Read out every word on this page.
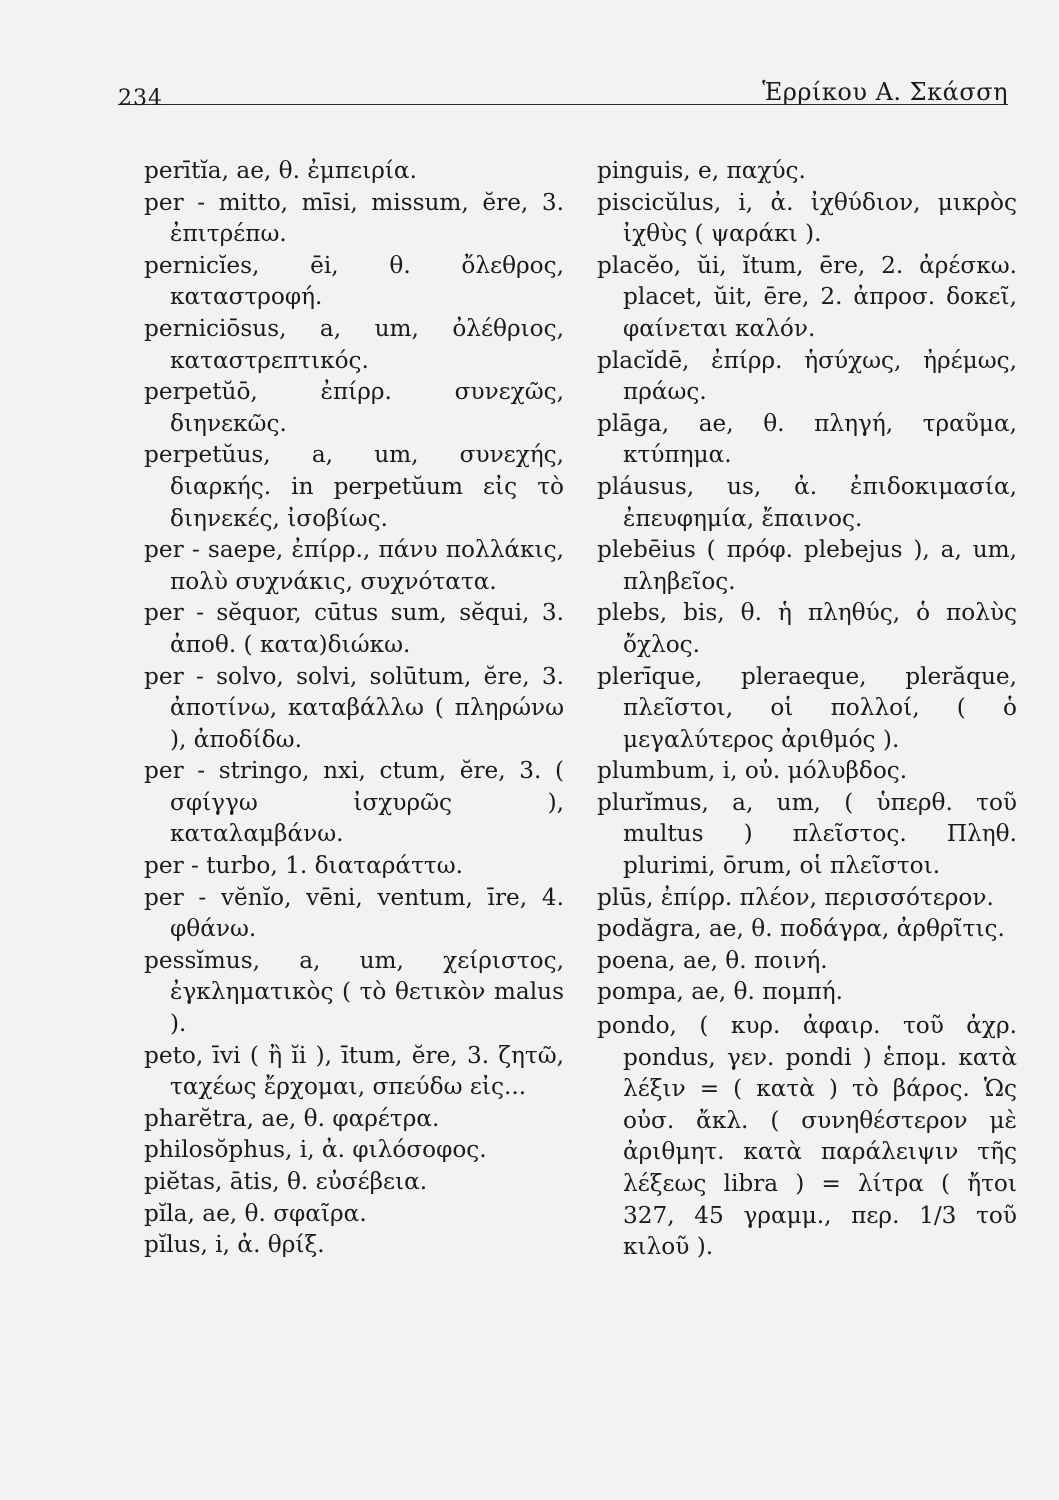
234	Ἑρρίκου Α. Σκάσση

perītĭa, ae, θ. ἐμπειρία.

per - mitto, mīsi, missum, ĕre, 3. ἐπιτρέπω.

pernicĭes, ēi, θ. ὄλεθρος, καταστροφή.

perniciōsus, a, um, ὀλέθριος, καταστρεπτικός.

perpetŭō, ἐπίρρ. συνεχῶς, διηνεκῶς.

perpetŭus, a, um, συνεχής, διαρκής. in perpetŭum εἰς τὸ διηνεκές, ἰσοβίως.

per - saepe, ἐπίρρ., πάνυ πολλάκις, πολὺ συχνάκις, συχνότατα.

per - sĕquor, cūtus sum, sĕqui, 3. ἀποθ. ( κατα)διώκω.

per - solvo, solvi, solūtum, ĕre, 3. ἀποτίνω, καταβάλλω ( πληρώνω ), ἀποδίδω.

per - stringo, nxi, ctum, ĕre, 3. ( σφίγγω ἰσχυρῶς ), καταλαμβάνω.

per - turbo, 1. διαταράττω.

per - vĕnĭo, vēni, ventum, īre, 4. φθάνω.

pessĭmus, a, um, χείριστος, ἐγκληματικὸς ( τὸ θετικὸν malus ).

peto, īvi ( ἢ ĭi ), ītum, ĕre, 3. ζητῶ, ταχέως ἔρχομαι, σπεύδω εἰς...

pharĕtra, ae, θ. φαρέτρα.

philosŏphus, i, ἀ. φιλόσοφος.

piĕtas, ātis, θ. εὐσέβεια.

pĭla, ae, θ. σφαῖρα.

pĭlus, i, ἀ. θρίξ.

pinguis, e, παχύς.

piscicŭlus, i, ἀ. ἰχθύδιον, μικρὸς ἰχθὺς ( ψαράκι ).

placĕo, ŭi, ĭtum, ēre, 2. ἀρέσκω. placet, ŭit, ēre, 2. ἀπροσ. δοκεῖ, φαίνεται καλόν.

placĭdē, ἐπίρρ. ἡσύχως, ἠρέμως, πράως.

plāga, ae, θ. πληγή, τραῦμα, κτύπημα.

pláusus, us, ἀ. ἐπιδοκιμασία, ἐπευφημία, ἔπαινος.

plebēius ( πρόφ. plebejus ), a, um, πληβεῖος.

plebs, bis, θ. ἡ πληθύς, ὁ πολὺς ὄχλος.

plerīque, pleraeque, plerăque, πλεῖστοι, οἱ πολλοί, ( ὁ μεγαλύτερος ἀριθμός ).

plumbum, i, οὐ. μόλυβδος.

plurĭmus, a, um, ( ὑπερθ. τοῦ multus ) πλεῖστος. Πληθ. plurimi, ōrum, οἱ πλεῖστοι.

plūs, ἐπίρρ. πλέον, περισσότερον.

podăgra, ae, θ. ποδάγρα, ἀρθρῖτις.

poena, ae, θ. ποινή.

pompa, ae, θ. πομπή.

pondo, ( κυρ. ἀφαιρ. τοῦ ἀχρ. pondus, γεν. pondi ) ἑπομ. κατὰ λέξιν = ( κατὰ ) τὸ βάρος. Ὡς οὐσ. ἄκλ. ( συνηθέστερον μὲ ἀριθμητ. κατὰ παράλειψιν τῆς λέξεως libra ) = λίτρα ( ἤτοι 327, 45 γραμμ., περ. 1/3 τοῦ κιλοῦ ).
